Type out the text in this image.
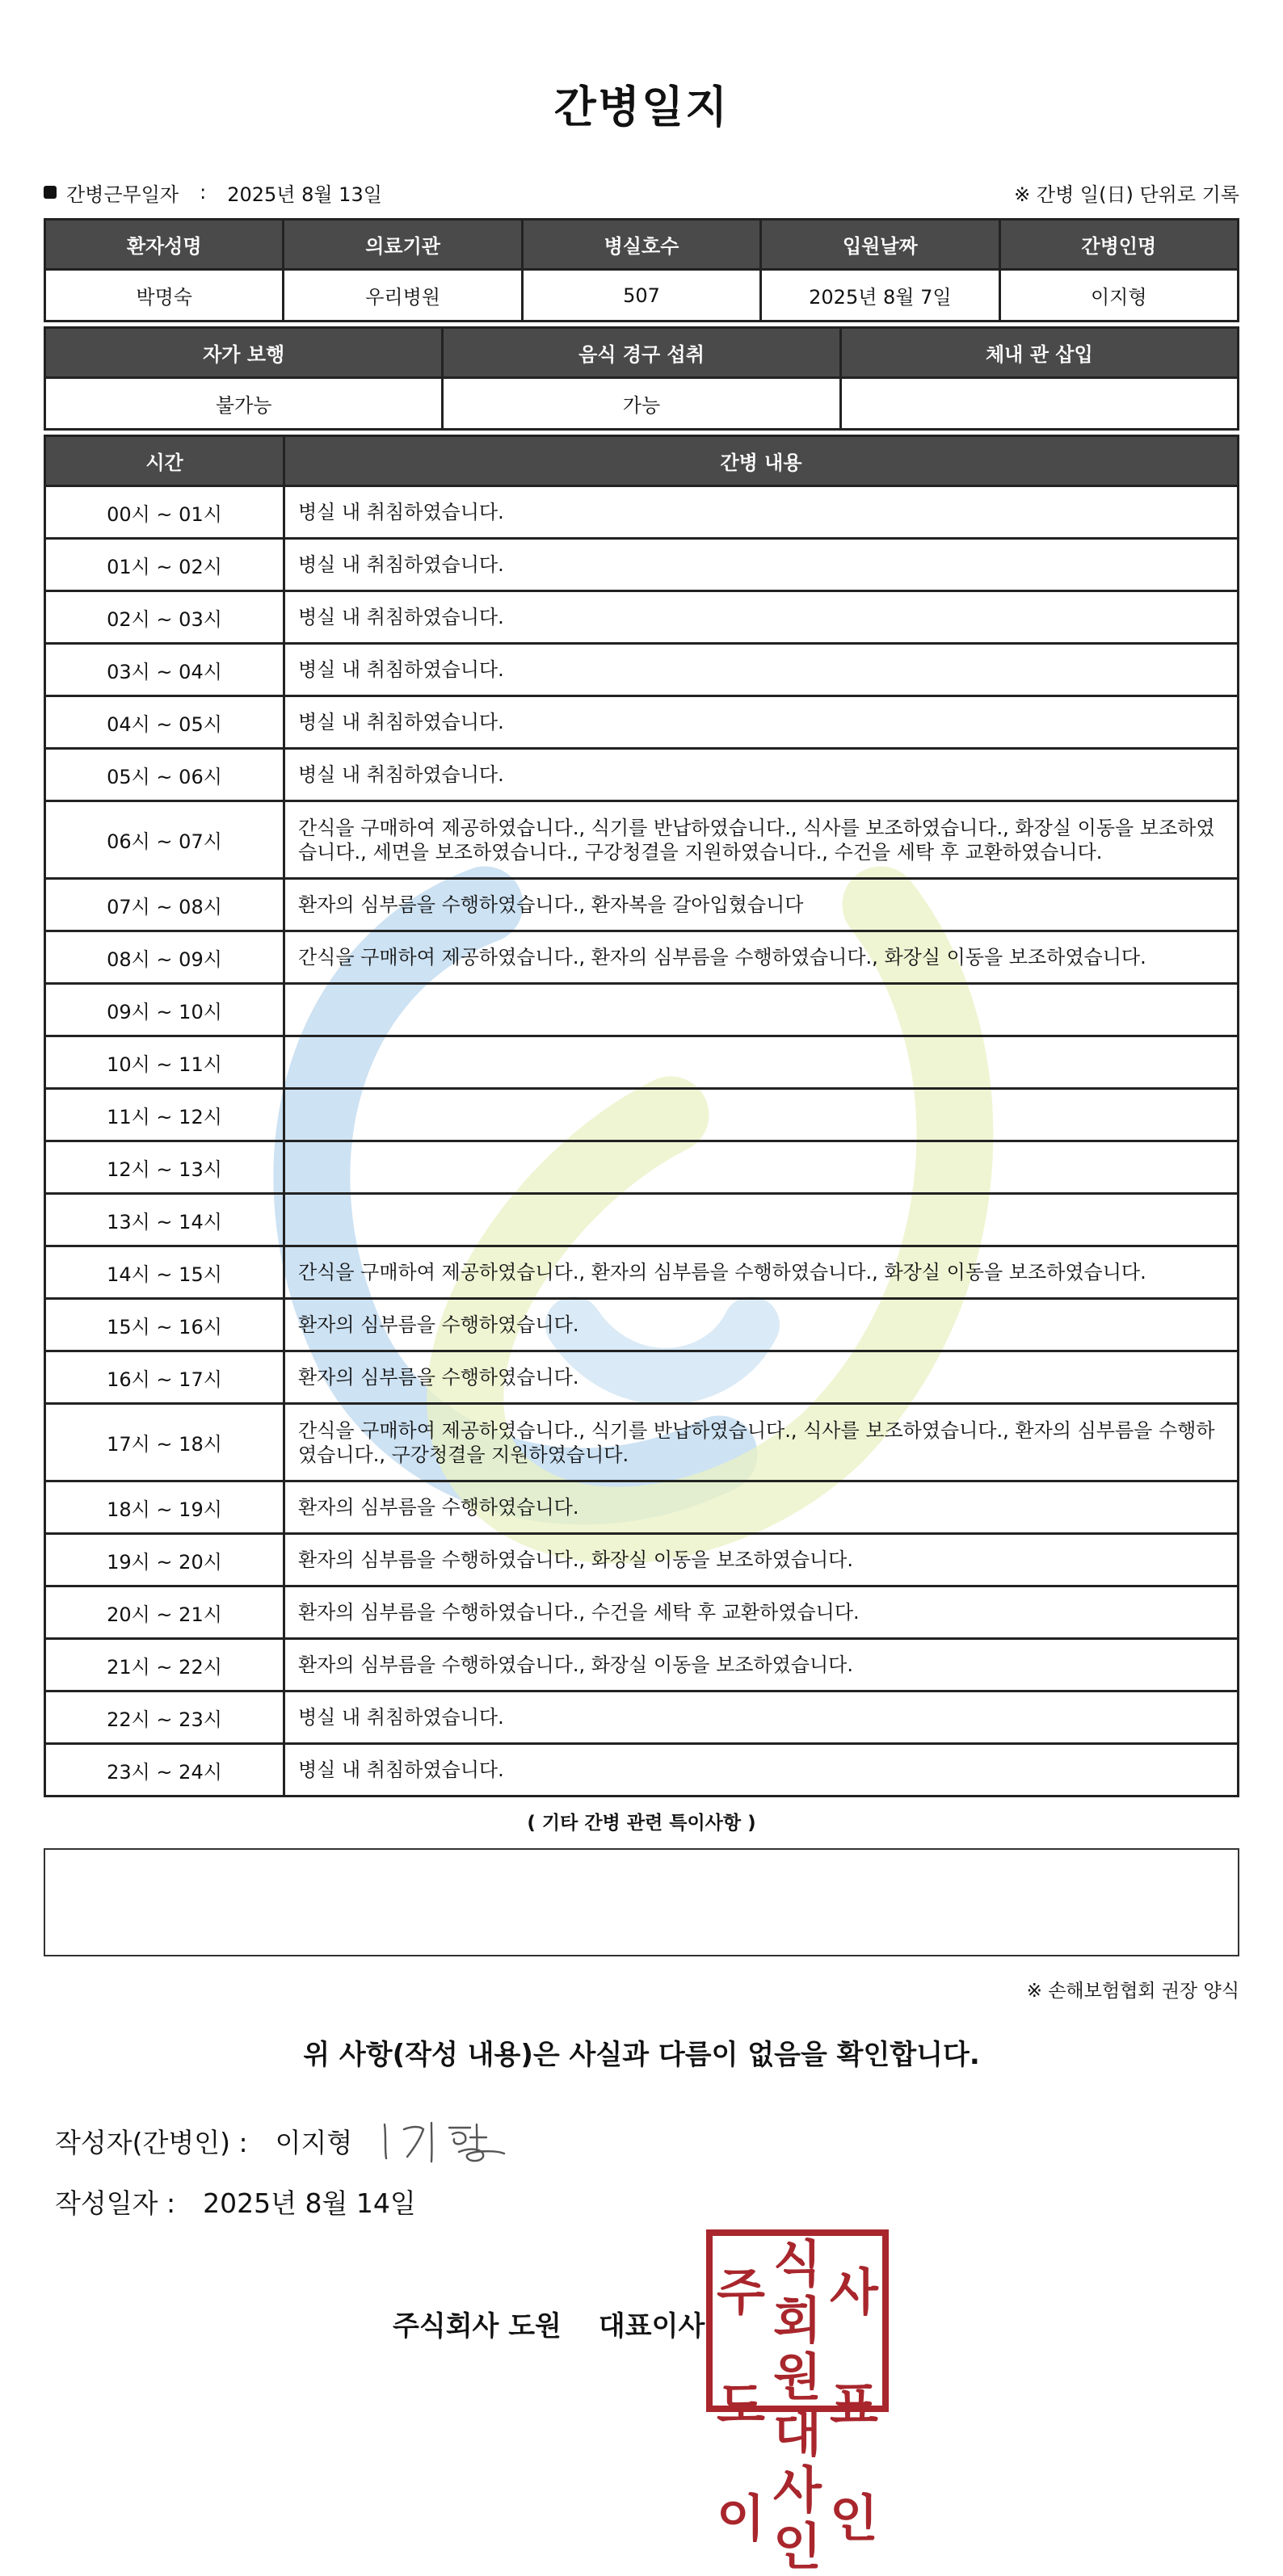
간병일지
간병근무일자 : 2025년 8월 13일	※ 간병 일(日) 단위로 기록
환자성명	의료기관	병실호수	입원날짜	간병인명
박명숙	우리병원	507	2025년 8월 7일	이지형
자가 보행	음식 경구 섭취	체내 관 삽입
불가능	가능	
시간	간병 내용
00시 ~ 01시	병실 내 취침하였습니다.
01시 ~ 02시	병실 내 취침하였습니다.
02시 ~ 03시	병실 내 취침하였습니다.
03시 ~ 04시	병실 내 취침하였습니다.
04시 ~ 05시	병실 내 취침하였습니다.
05시 ~ 06시	병실 내 취침하였습니다.
06시 ~ 07시	간식을 구매하여 제공하였습니다., 식기를 반납하였습니다., 식사를 보조하였습니다., 화장실 이동을 보조하였습니다., 세면을 보조하였습니다., 구강청결을 지원하였습니다., 수건을 세탁 후 교환하였습니다.
07시 ~ 08시	환자의 심부름을 수행하였습니다., 환자복을 갈아입혔습니다
08시 ~ 09시	간식을 구매하여 제공하였습니다., 환자의 심부름을 수행하였습니다., 화장실 이동을 보조하였습니다.
09시 ~ 10시	
10시 ~ 11시	
11시 ~ 12시	
12시 ~ 13시	
13시 ~ 14시	
14시 ~ 15시	간식을 구매하여 제공하였습니다., 환자의 심부름을 수행하였습니다., 화장실 이동을 보조하였습니다.
15시 ~ 16시	환자의 심부름을 수행하였습니다.
16시 ~ 17시	환자의 심부름을 수행하였습니다.
17시 ~ 18시	간식을 구매하여 제공하였습니다., 식기를 반납하였습니다., 식사를 보조하였습니다., 환자의 심부름을 수행하였습니다., 구강청결을 지원하였습니다.
18시 ~ 19시	환자의 심부름을 수행하였습니다.
19시 ~ 20시	환자의 심부름을 수행하였습니다., 화장실 이동을 보조하였습니다.
20시 ~ 21시	환자의 심부름을 수행하였습니다., 수건을 세탁 후 교환하였습니다.
21시 ~ 22시	환자의 심부름을 수행하였습니다., 화장실 이동을 보조하였습니다.
22시 ~ 23시	병실 내 취침하였습니다.
23시 ~ 24시	병실 내 취침하였습니다.
( 기타 간병 관련 특이사항 )
※ 손해보험협회 권장 양식
위 사항(작성 내용)은 사실과 다름이 없음을 확인합니다.
작성자(간병인) : 이지형
작성일자 : 2025년 8월 14일
주식회사 도원 대표이사
주 식회 사
도 원대 표
이 사인 인
